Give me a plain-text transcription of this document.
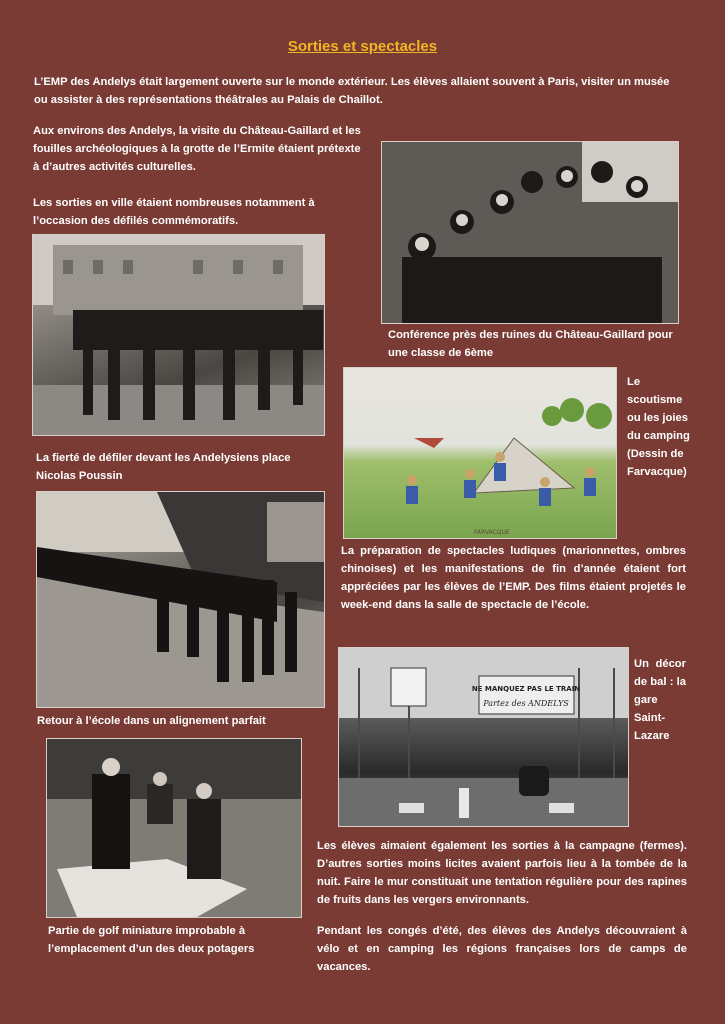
Sorties et spectacles
L’EMP des Andelys était largement ouverte sur le monde extérieur. Les élèves allaient souvent à Paris, visiter un musée ou assister à des représentations théâtrales au Palais de Chaillot.
Aux environs des Andelys, la visite du Château-Gaillard et les fouilles archéologiques à la grotte de l’Ermite étaient prétexte à d’autres activités culturelles.
Les sorties en ville étaient nombreuses notamment à l’occasion des défilés commémoratifs.
La fierté de défiler devant les Andelysiens place Nicolas Poussin
Conférence près des ruines du Château-Gaillard pour une classe de 6ème
FARVACQUE
Le scoutisme ou les joies du camping (Dessin de Farvacque)
Retour à l’école dans un alignement parfait
NE MANQUEZ PAS LE TRAIN
Partez des ANDELYS
Un décor de bal : la gare Saint-Lazare
La préparation de spectacles ludiques (marionnettes, ombres chinoises) et les manifestations de fin d’année étaient fort appréciées par les élèves de l’EMP. Des films étaient projetés le week-end dans la salle de spectacle de l’école.
Les élèves aimaient également les sorties à la campagne (fermes). D’autres sorties moins licites avaient parfois lieu à la tombée de la nuit. Faire le mur constituait une tentation régulière pour des rapines de fruits dans les vergers environnants.
Partie de golf miniature improbable à l’emplacement d’un des deux potagers
Pendant les congés d’été, des élèves des Andelys découvraient à vélo et en camping les régions françaises lors de camps de vacances.
